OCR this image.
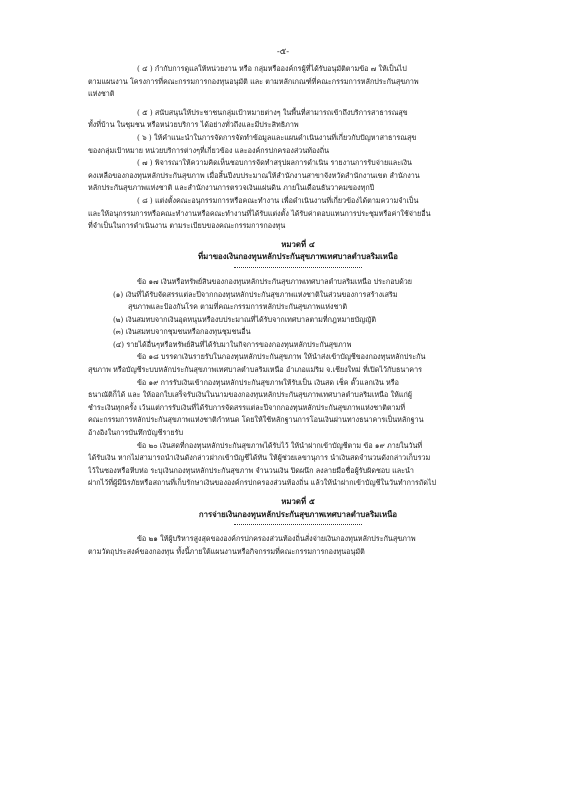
-๕-

( ๔ ) กำกับการดูแลให้หน่วยงาน หรือ กลุ่มหรือองค์กรผู้ที่ได้รับอนุมัติตามข้อ ๗ ให้เป็นไป

ตามแผนงาน โครงการที่คณะกรรมการกองทุนอนุมัติ และ ตามหลักเกณฑ์ที่คณะกรรมการหลักประกันสุขภาพ

แห่งชาติ

( ๕ ) สนับสนุนให้ประชาชนกลุ่มเป้าหมายต่างๆ ในพื้นที่สามารถเข้าถึงบริการสาธารณสุข

ทั้งที่บ้าน ในชุมชน หรือหน่วยบริการ ได้อย่างทั่วถึงและมีประสิทธิภาพ

( ๖ ) ให้คำแนะนำในการจัดการจัดทำข้อมูลและแผนดำเนินงานที่เกี่ยวกับปัญหาสาธารณสุข

ของกลุ่มเป้าหมาย หน่วยบริการต่างๆที่เกี่ยวข้อง และองค์กรปกครองส่วนท้องถิ่น

( ๗ ) พิจารณาให้ความคิดเห็นชอบการจัดทำสรุปผลการดำเนิน รายงานการรับจ่ายและเงิน

คงเหลือของกองทุนหลักประกันสุขภาพ เมื่อสิ้นปีงบประมาณให้สำนักงานสาขาจังหวัดสำนักงานเขต สำนักงาน

หลักประกันสุขภาพแห่งชาติ และสำนักงานการตรวจเงินแผ่นดิน ภายในเดือนธันวาคมของทุกปี

( ๘ ) แต่งตั้งคณะอนุกรรมการหรือคณะทำงาน เพื่อดำเนินงานที่เกี่ยวข้องได้ตามความจำเป็น

และให้อนุกรรมการหรือคณะทำงานหรือคณะทำงานที่ได้รับแต่งตั้ง ได้รับค่าตอบแทนการประชุมหรือค่าใช้จ่ายอื่น

ที่จำเป็นในการดำเนินงาน ตามระเบียบของคณะกรรมการกองทุน

หมวดที่ ๔
ที่มาของเงินกองทุนหลักประกันสุขภาพเทศบาลตำบลริมเหนือ

ข้อ ๑๗ เงินหรือทรัพย์สินของกองทุนหลักประกันสุขภาพเทศบาลตำบลริมเหนือ ประกอบด้วย

(๑) เงินที่ได้รับจัดสรรแต่ละปีจากกองทุนหลักประกันสุขภาพแห่งชาติในส่วนของการสร้างเสริม

สุขภาพและป้องกันโรค ตามที่คณะกรรมการหลักประกันสุขภาพแห่งชาติ

(๒) เงินสมทบจากเงินอุดหนุนหรืองบประมาณที่ได้รับจากเทศบาลตามที่กฎหมายบัญญัติ

(๓) เงินสมทบจากชุมชนหรือกองทุนชุมชนอื่น

(๔) รายได้อื่นๆหรือทรัพย์สินที่ได้รับมาในกิจการของกองทุนหลักประกันสุขภาพ

ข้อ ๑๘ บรรดาเงินรายรับในกองทุนหลักประกันสุขภาพ ให้นำส่งเข้าบัญชีของกองทุนหลักประกัน

สุขภาพ หรือบัญชีระบบหลักประกันสุขภาพเทศบาลตำบลริมเหนือ อำเภอแม่ริม จ.เชียงใหม่ ที่เปิดไว้กับธนาคาร

ข้อ ๑๙ การรับเงินเข้ากองทุนหลักประกันสุขภาพให้รับเป็น เงินสด เช็ค ดั๊วแลกเงิน หรือ

ธนาณัติก็ได้ และ ให้ออกใบเสร็จรับเงินในนามของกองทุนหลักประกันสุขภาพเทศบาลตำบลริมเหนือ ให้แก่ผู้

ชำระเงินทุกครั้ง เว้นแต่การรับเงินที่ได้รับการจัดสรรแต่ละปีจากกองทุนหลักประกันสุขภาพแห่งชาติตามที่

คณะกรรมการหลักประกันสุขภาพแห่งชาติกำหนด โดยให้ใช้หลักฐานการโอนเงินผ่านทางธนาคารเป็นหลักฐาน

อ้างอิงในการบันทึกบัญชีรายรับ

ข้อ ๒๐ เงินสดที่กองทุนหลักประกันสุขภาพได้รับไว้ ให้นำฝากเข้าบัญชีตาม ข้อ ๑๙ ภายในวันที่

ได้รับเงิน หากไม่สามารถนำเงินดังกล่าวฝากเข้าบัญชีได้ทัน ให้ผู้ช่วยเลขานุการ นำเงินสดจำนวนดังกล่าวเก็บรวม

ไว้ในซองหรือหีบห่อ ระบุเงินกองทุนหลักประกันสุขภาพ จำนวนเงิน ปิดผนึก ลงลายมือชื่อผู้รับผิดชอบ และนำ

ฝากไว้ที่ผู้มีนิรภัยหรือสถานที่เก็บรักษาเงินขององค์กรปกครองส่วนท้องถิ่น แล้วให้นำฝากเข้าบัญชีในวันทำการถัดไป

หมวดที่ ๕
การจ่ายเงินกองทุนหลักประกันสุขภาพเทศบาลตำบลริมเหนือ

ข้อ ๒๑ ให้ผู้บริหารสูงสุดขององค์กรปกครองส่วนท้องถิ่นสั่งจ่ายเงินกองทุนหลักประกันสุขภาพ

ตามวัตถุประสงค์ของกองทุน ทั้งนี้ภายใต้แผนงานหรือกิจกรรมที่คณะกรรมการกองทุนอนุมัติ
